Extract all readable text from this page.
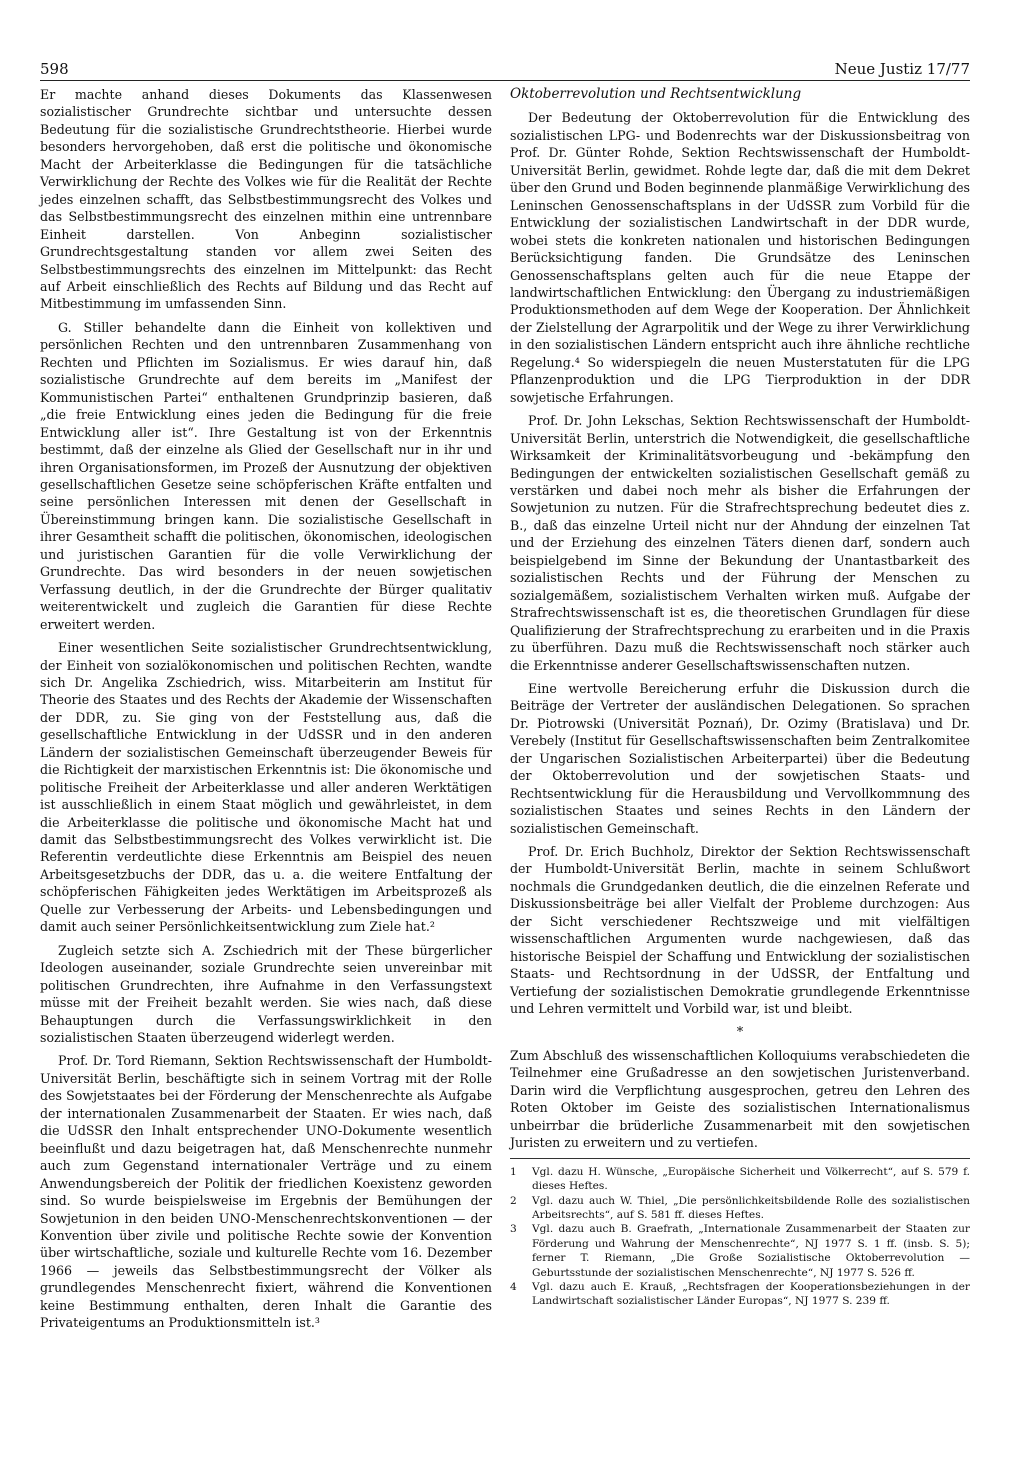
598	Neue Justiz 17/77

Er machte anhand dieses Dokuments das Klassenwesen sozialistischer Grundrechte sichtbar und untersuchte dessen Bedeutung für die sozialistische Grundrechtstheorie. Hierbei wurde besonders hervorgehoben, daß erst die politische und ökonomische Macht der Arbeiterklasse die Bedingungen für die tatsächliche Verwirklichung der Rechte des Volkes wie für die Realität der Rechte jedes einzelnen schafft, das Selbstbestimmungsrecht des Volkes und das Selbstbestimmungsrecht des einzelnen mithin eine untrennbare Einheit darstellen. Von Anbeginn sozialistischer Grundrechtsgestaltung standen vor allem zwei Seiten des Selbstbestimmungsrechts des einzelnen im Mittelpunkt: das Recht auf Arbeit einschließlich des Rechts auf Bildung und das Recht auf Mitbestimmung im umfassenden Sinn.

G. Stiller behandelte dann die Einheit von kollektiven und persönlichen Rechten und den untrennbaren Zusammenhang von Rechten und Pflichten im Sozialismus. Er wies darauf hin, daß sozialistische Grundrechte auf dem bereits im „Manifest der Kommunistischen Partei“ enthaltenen Grundprinzip basieren, daß „die freie Entwicklung eines jeden die Bedingung für die freie Entwicklung aller ist“. Ihre Gestaltung ist von der Erkenntnis bestimmt, daß der einzelne als Glied der Gesellschaft nur in ihr und ihren Organisationsformen, im Prozeß der Ausnutzung der objektiven gesellschaftlichen Gesetze seine schöpferischen Kräfte entfalten und seine persönlichen Interessen mit denen der Gesellschaft in Übereinstimmung bringen kann. Die sozialistische Gesellschaft in ihrer Gesamtheit schafft die politischen, ökonomischen, ideologischen und juristischen Garantien für die volle Verwirklichung der Grundrechte. Das wird besonders in der neuen sowjetischen Verfassung deutlich, in der die Grundrechte der Bürger qualitativ weiterentwickelt und zugleich die Garantien für diese Rechte erweitert werden.

Einer wesentlichen Seite sozialistischer Grundrechtsentwicklung, der Einheit von sozialökonomischen und politischen Rechten, wandte sich Dr. Angelika Zschiedrich, wiss. Mitarbeiterin am Institut für Theorie des Staates und des Rechts der Akademie der Wissenschaften der DDR, zu. Sie ging von der Feststellung aus, daß die gesellschaftliche Entwicklung in der UdSSR und in den anderen Ländern der sozialistischen Gemeinschaft überzeugender Beweis für die Richtigkeit der marxistischen Erkenntnis ist: Die ökonomische und politische Freiheit der Arbeiterklasse und aller anderen Werktätigen ist ausschließlich in einem Staat möglich und gewährleistet, in dem die Arbeiterklasse die politische und ökonomische Macht hat und damit das Selbstbestimmungsrecht des Volkes verwirklicht ist. Die Referentin verdeutlichte diese Erkenntnis am Beispiel des neuen Arbeitsgesetzbuchs der DDR, das u. a. die weitere Entfaltung der schöpferischen Fähigkeiten jedes Werktätigen im Arbeitsprozeß als Quelle zur Verbesserung der Arbeits- und Lebensbedingungen und damit auch seiner Persönlichkeitsentwicklung zum Ziele hat.²

Zugleich setzte sich A. Zschiedrich mit der These bürgerlicher Ideologen auseinander, soziale Grundrechte seien unvereinbar mit politischen Grundrechten, ihre Aufnahme in den Verfassungstext müsse mit der Freiheit bezahlt werden. Sie wies nach, daß diese Behauptungen durch die Verfassungswirklichkeit in den sozialistischen Staaten überzeugend widerlegt werden.

Prof. Dr. Tord Riemann, Sektion Rechtswissenschaft der Humboldt-Universität Berlin, beschäftigte sich in seinem Vortrag mit der Rolle des Sowjetstaates bei der Förderung der Menschenrechte als Aufgabe der internationalen Zusammenarbeit der Staaten. Er wies nach, daß die UdSSR den Inhalt entsprechender UNO-Dokumente wesentlich beeinflußt und dazu beigetragen hat, daß Menschenrechte nunmehr auch zum Gegenstand internationaler Verträge und zu einem Anwendungsbereich der Politik der friedlichen Koexistenz geworden sind. So wurde beispielsweise im Ergebnis der Bemühungen der Sowjetunion in den beiden UNO-Menschenrechtskonventionen — der Konvention über zivile und politische Rechte sowie der Konvention über wirtschaftliche, soziale und kulturelle Rechte vom 16. Dezember 1966 — jeweils das Selbstbestimmungsrecht der Völker als grundlegendes Menschenrecht fixiert, während die Konventionen keine Bestimmung enthalten, deren Inhalt die Garantie des Privateigentums an Produktionsmitteln ist.³

Oktoberrevolution und Rechtsentwicklung

Der Bedeutung der Oktoberrevolution für die Entwicklung des sozialistischen LPG- und Bodenrechts war der Diskussionsbeitrag von Prof. Dr. Günter Rohde, Sektion Rechtswissenschaft der Humboldt-Universität Berlin, gewidmet. Rohde legte dar, daß die mit dem Dekret über den Grund und Boden beginnende planmäßige Verwirklichung des Leninschen Genossenschaftsplans in der UdSSR zum Vorbild für die Entwicklung der sozialistischen Landwirtschaft in der DDR wurde, wobei stets die konkreten nationalen und historischen Bedingungen Berücksichtigung fanden. Die Grundsätze des Leninschen Genossenschaftsplans gelten auch für die neue Etappe der landwirtschaftlichen Entwicklung: den Übergang zu industriemäßigen Produktionsmethoden auf dem Wege der Kooperation. Der Ähnlichkeit der Zielstellung der Agrarpolitik und der Wege zu ihrer Verwirklichung in den sozialistischen Ländern entspricht auch ihre ähnliche rechtliche Regelung.⁴ So widerspiegeln die neuen Musterstatuten für die LPG Pflanzenproduktion und die LPG Tierproduktion in der DDR sowjetische Erfahrungen.

Prof. Dr. John Lekschas, Sektion Rechtswissenschaft der Humboldt-Universität Berlin, unterstrich die Notwendigkeit, die gesellschaftliche Wirksamkeit der Kriminalitätsvorbeugung und -bekämpfung den Bedingungen der entwickelten sozialistischen Gesellschaft gemäß zu verstärken und dabei noch mehr als bisher die Erfahrungen der Sowjetunion zu nutzen. Für die Strafrechtsprechung bedeutet dies z. B., daß das einzelne Urteil nicht nur der Ahndung der einzelnen Tat und der Erziehung des einzelnen Täters dienen darf, sondern auch beispielgebend im Sinne der Bekundung der Unantastbarkeit des sozialistischen Rechts und der Führung der Menschen zu sozialgemäßem, sozialistischem Verhalten wirken muß. Aufgabe der Strafrechtswissenschaft ist es, die theoretischen Grundlagen für diese Qualifizierung der Strafrechtsprechung zu erarbeiten und in die Praxis zu überführen. Dazu muß die Rechtswissenschaft noch stärker auch die Erkenntnisse anderer Gesellschaftswissenschaften nutzen.

Eine wertvolle Bereicherung erfuhr die Diskussion durch die Beiträge der Vertreter der ausländischen Delegationen. So sprachen Dr. Piotrowski (Universität Poznań), Dr. Ozimy (Bratislava) und Dr. Verebely (Institut für Gesellschaftswissenschaften beim Zentralkomitee der Ungarischen Sozialistischen Arbeiterpartei) über die Bedeutung der Oktoberrevolution und der sowjetischen Staats- und Rechtsentwicklung für die Herausbildung und Vervollkommnung des sozialistischen Staates und seines Rechts in den Ländern der sozialistischen Gemeinschaft.

Prof. Dr. Erich Buchholz, Direktor der Sektion Rechtswissenschaft der Humboldt-Universität Berlin, machte in seinem Schlußwort nochmals die Grundgedanken deutlich, die die einzelnen Referate und Diskussionsbeiträge bei aller Vielfalt der Probleme durchzogen: Aus der Sicht verschiedener Rechtszweige und mit vielfältigen wissenschaftlichen Argumenten wurde nachgewiesen, daß das historische Beispiel der Schaffung und Entwicklung der sozialistischen Staats- und Rechtsordnung in der UdSSR, der Entfaltung und Vertiefung der sozialistischen Demokratie grundlegende Erkenntnisse und Lehren vermittelt und Vorbild war, ist und bleibt.

*

Zum Abschluß des wissenschaftlichen Kolloquiums verabschiedeten die Teilnehmer eine Grußadresse an den sowjetischen Juristenverband. Darin wird die Verpflichtung ausgesprochen, getreu den Lehren des Roten Oktober im Geiste des sozialistischen Internationalismus unbeirrbar die brüderliche Zusammenarbeit mit den sowjetischen Juristen zu erweitern und zu vertiefen.

1	Vgl. dazu H. Wünsche, „Europäische Sicherheit und Völkerrecht“, auf S. 579 f. dieses Heftes.
2	Vgl. dazu auch W. Thiel, „Die persönlichkeitsbildende Rolle des sozialistischen Arbeitsrechts“, auf S. 581 ff. dieses Heftes.
3	Vgl. dazu auch B. Graefrath, „Internationale Zusammenarbeit der Staaten zur Förderung und Wahrung der Menschenrechte“, NJ 1977 S. 1 ff. (insb. S. 5); ferner T. Riemann, „Die Große Sozialistische Oktoberrevolution — Geburtsstunde der sozialistischen Menschenrechte“, NJ 1977 S. 526 ff.
4	Vgl. dazu auch E. Krauß, „Rechtsfragen der Kooperationsbeziehungen in der Landwirtschaft sozialistischer Länder Europas“, NJ 1977 S. 239 ff.
